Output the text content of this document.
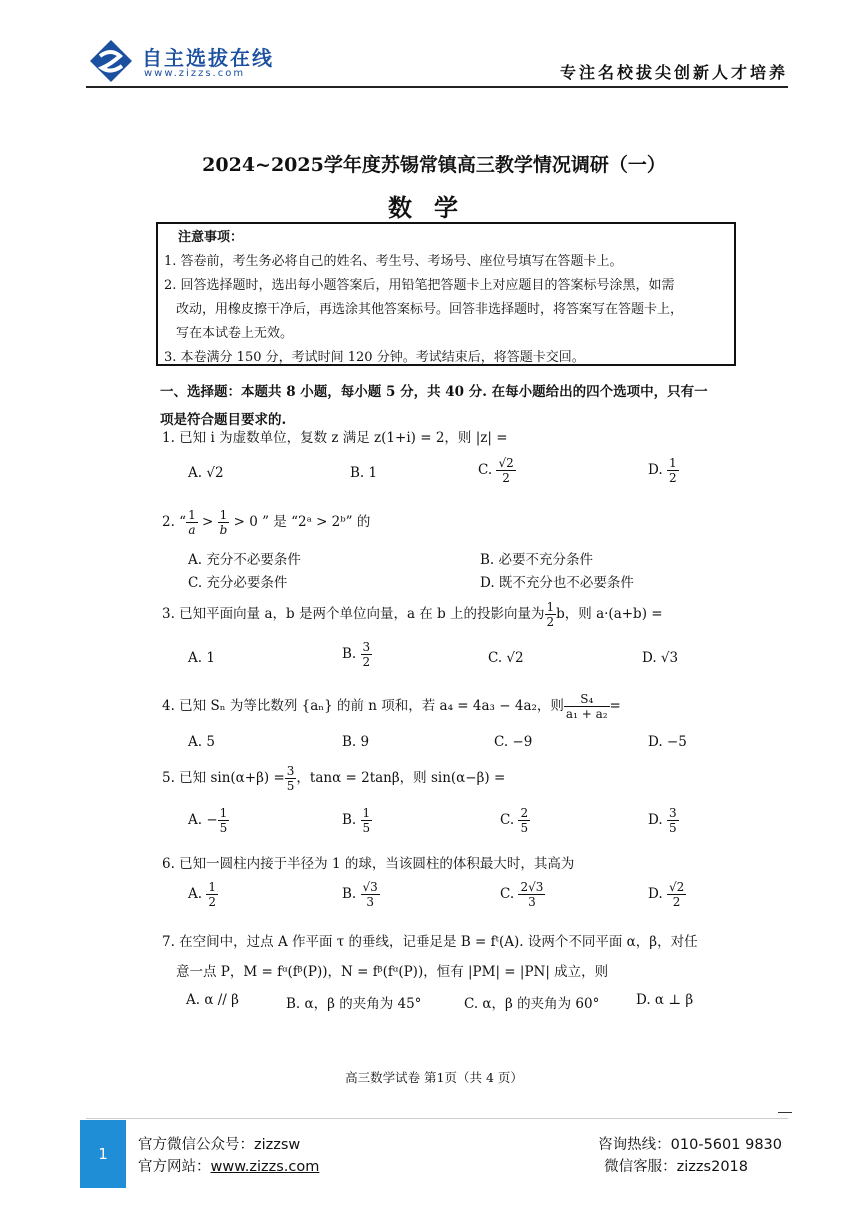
自主选拔在线
www.zizzs.com	专注名校拔尖创新人才培养
2024~2025学年度苏锡常镇高三教学情况调研（一）
数学
注意事项：
1. 答卷前，考生务必将自己的姓名、考生号、考场号、座位号填写在答题卡上。
2. 回答选择题时，选出每小题答案后，用铅笔把答题卡上对应题目的答案标号涂黑，如需
改动，用橡皮擦干净后，再选涂其他答案标号。回答非选择题时，将答案写在答题卡上，
写在本试卷上无效。
3. 本卷满分 150 分，考试时间 120 分钟。考试结束后，将答题卡交回。
一、选择题：本题共 8 小题，每小题 5 分，共 40 分. 在每小题给出的四个选项中，只有一
项是符合题目要求的.
1. 已知 i 为虚数单位，复数 z 满足 z(1+i) = 2，则 |z| =
A. √2	B. 1	C. $\frac{√2}{2}$	D. $\frac{1}{2}$
2. “ $\frac{1}{a} > \frac{1}{b} > 0$ ” 是 “2ᵃ > 2ᵇ” 的
A. 充分不必要条件	B. 必要不充分条件
C. 充分必要条件	D. 既不充分也不必要条件
3. 已知平面向量 a，b 是两个单位向量，a 在 b 上的投影向量为 $\frac{1}{2}$ b，则 a·(a+b) =
A. 1	B. $\frac{3}{2}$	C. √2	D. √3
4. 已知 Sₙ 为等比数列 {aₙ} 的前 n 项和，若 a₄ = 4a₃ − 4a₂，则 $\frac{\text{S₄}}{\text{a₁ + a₂}}$ =
A. 5	B. 9	C. −9	D. −5
5. 已知 $\sin(\alpha+\beta) = \frac{3}{5}$ ，tanα = 2tanβ，则 sin(α−β) =
A. − $\frac{1}{5}$	B. $\frac{1}{5}$	C. $\frac{2}{5}$	D. $\frac{3}{5}$
6. 已知一圆柱内接于半径为 1 的球，当该圆柱的体积最大时，其高为
A. $\frac{1}{2}$	B. $\frac{√3}{3}$	C. $\frac{2√3}{3}$	D. $\frac{√2}{2}$
7. 在空间中，过点 A 作平面 τ 的垂线，记垂足是 B = fᵗ(A). 设两个不同平面 α，β，对任
意一点 P，M = fᵅ(fᵝ(P))，N = fᵝ(fᵅ(P))，恒有 |PM| = |PN| 成立，则
A. α // β	B. α，β 的夹角为 45°	C. α，β 的夹角为 60°	D. α ⊥ β
高三数学试卷 第1页（共 4 页）
1	官方微信公众号：zizzsw
官方网站：www.zizzs.com
咨询热线：010-5601 9830
微信客服：zizzs2018
